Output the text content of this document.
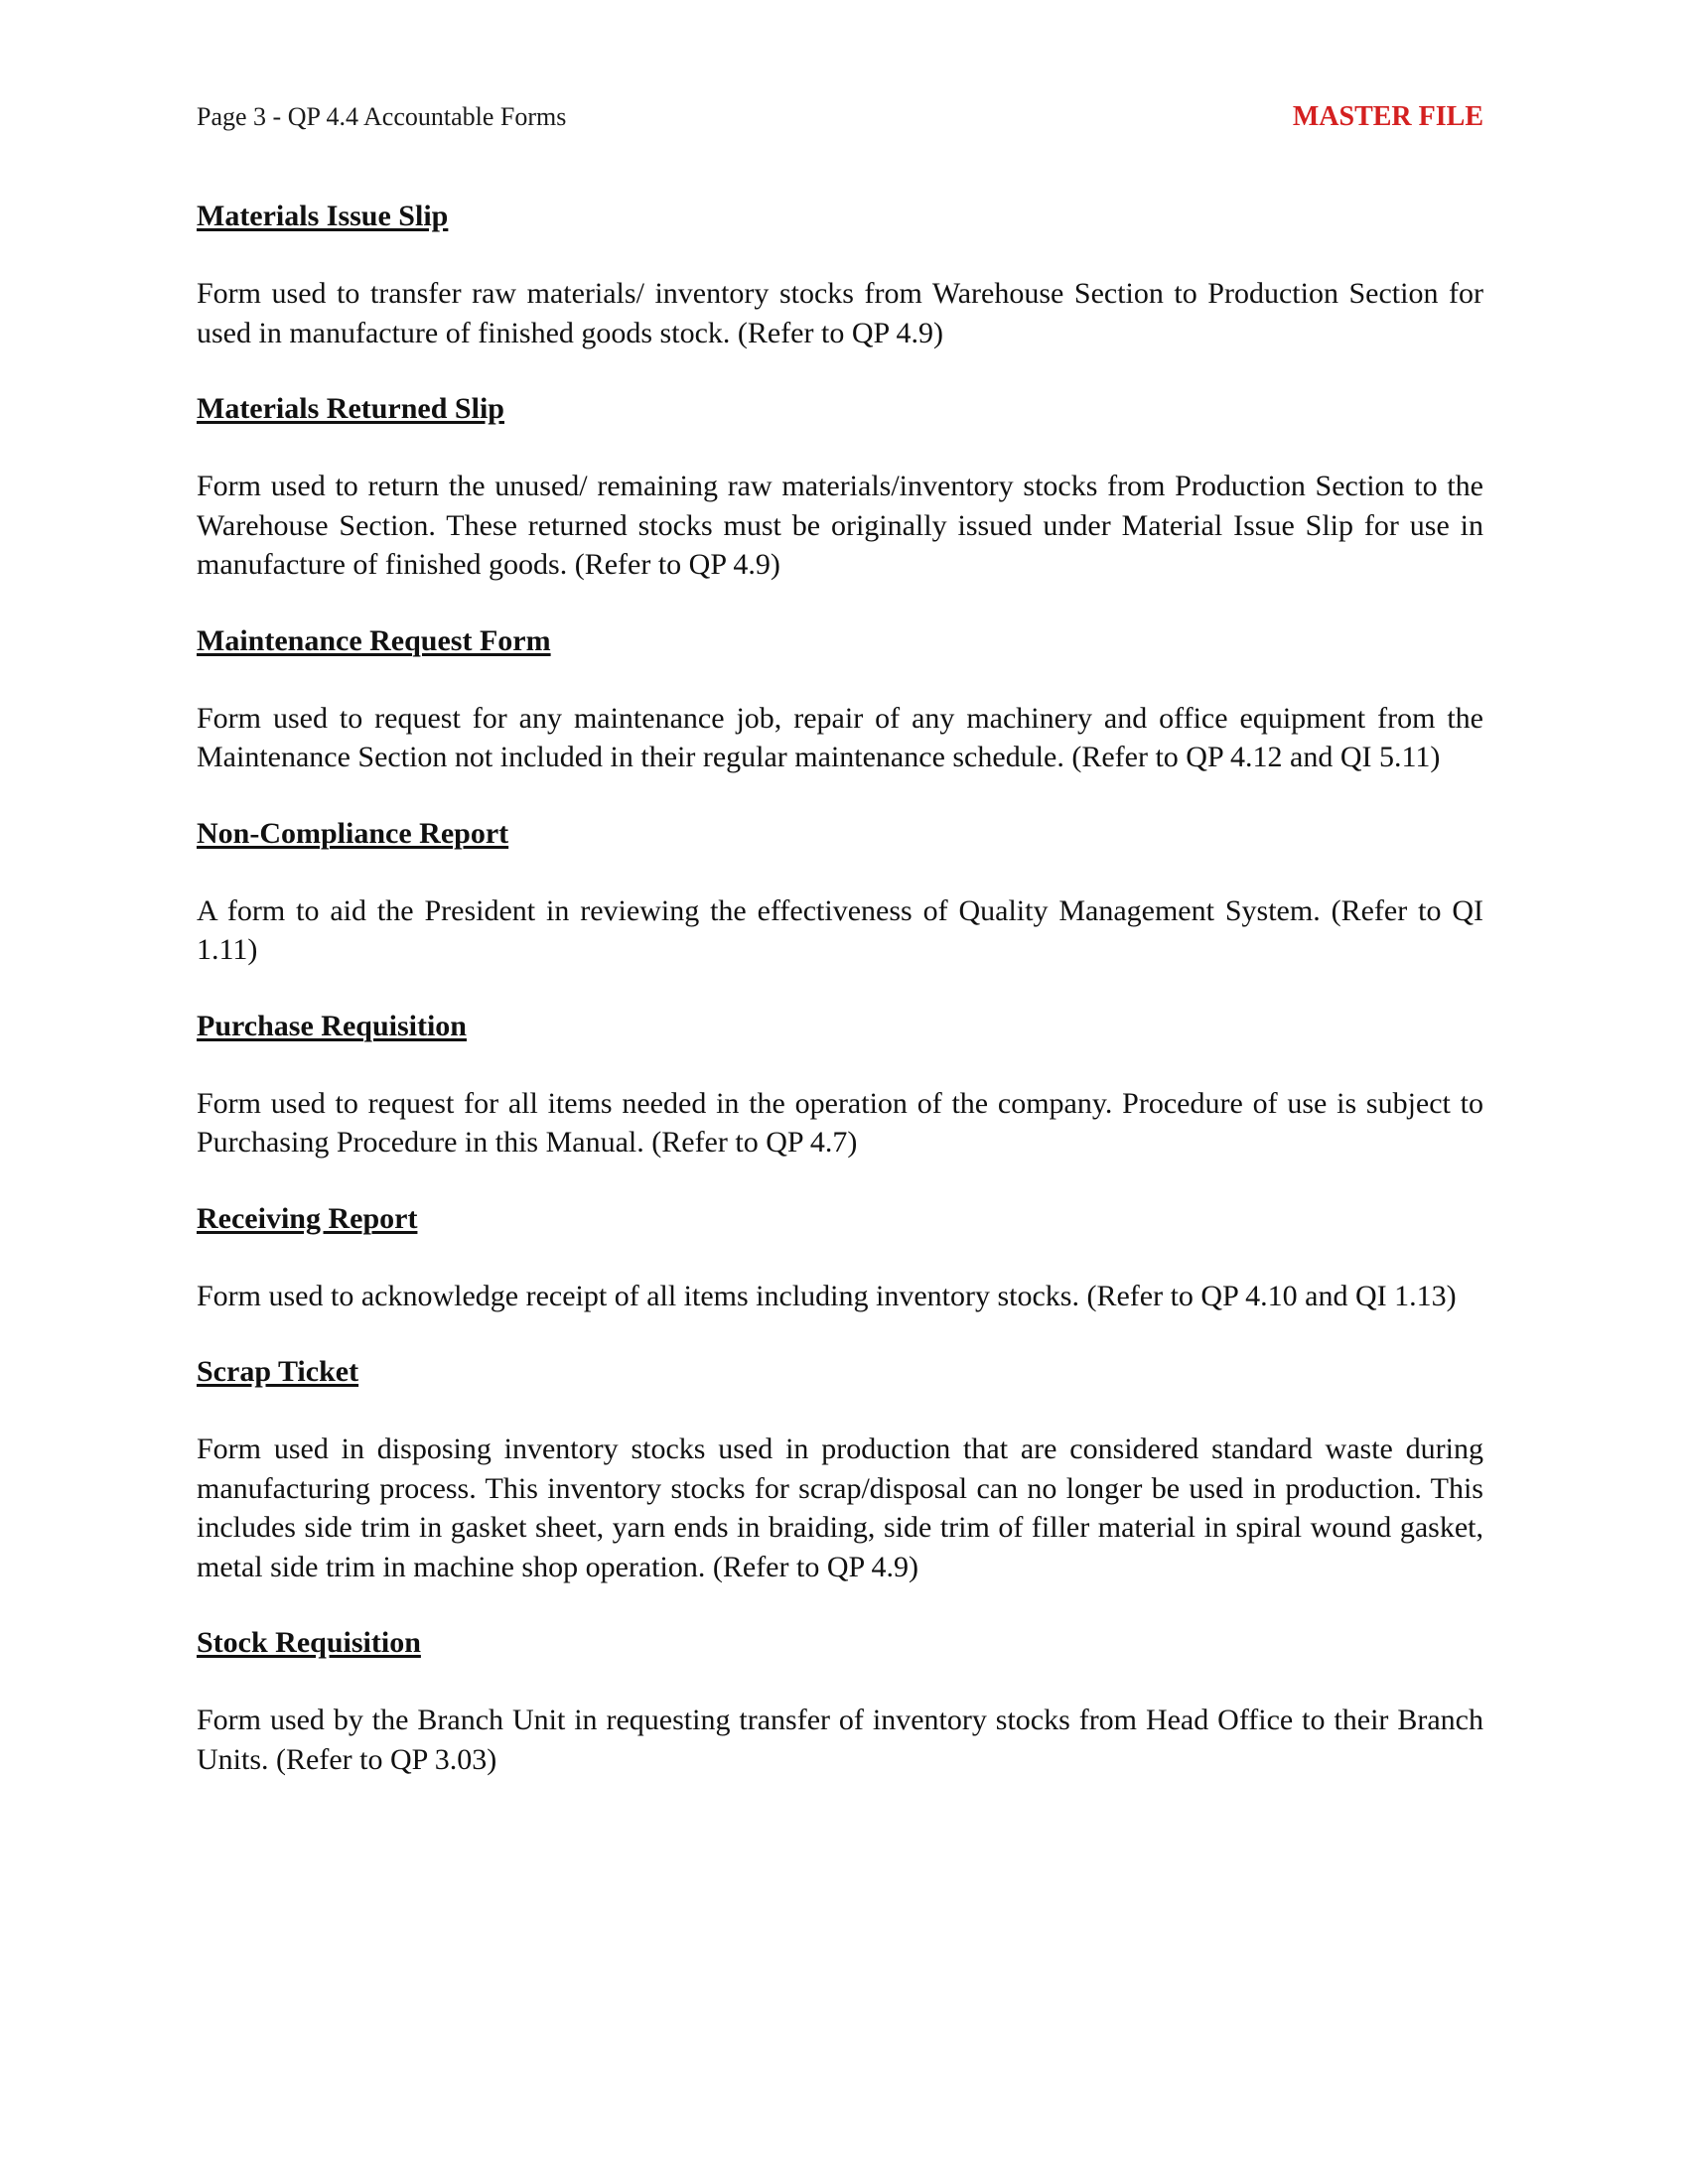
Page 3 - QP 4.4 Accountable Forms	MASTER FILE
Materials Issue Slip

Form used to transfer raw materials/ inventory stocks from Warehouse Section to Production Section for used in manufacture of finished goods stock. (Refer to QP 4.9)

Materials Returned Slip

Form used to return the unused/ remaining raw materials/inventory stocks from Production Section to the Warehouse Section. These returned stocks must be originally issued under Material Issue Slip for use in manufacture of finished goods. (Refer to QP 4.9)

Maintenance Request Form

Form used to request for any maintenance job, repair of any machinery and office equipment from the Maintenance Section not included in their regular maintenance schedule. (Refer to QP 4.12 and QI 5.11)

Non-Compliance Report

A form to aid the President in reviewing the effectiveness of Quality Management System. (Refer to QI 1.11)

Purchase Requisition

Form used to request for all items needed in the operation of the company. Procedure of use is subject to Purchasing Procedure in this Manual. (Refer to QP 4.7)

Receiving Report

Form used to acknowledge receipt of all items including inventory stocks. (Refer to QP 4.10 and QI 1.13)

Scrap Ticket

Form used in disposing inventory stocks used in production that are considered standard waste during manufacturing process. This inventory stocks for scrap/disposal can no longer be used in production. This includes side trim in gasket sheet, yarn ends in braiding, side trim of filler material in spiral wound gasket, metal side trim in machine shop operation. (Refer to QP 4.9)

Stock Requisition

Form used by the Branch Unit in requesting transfer of inventory stocks from Head Office to their Branch Units. (Refer to QP 3.03)
